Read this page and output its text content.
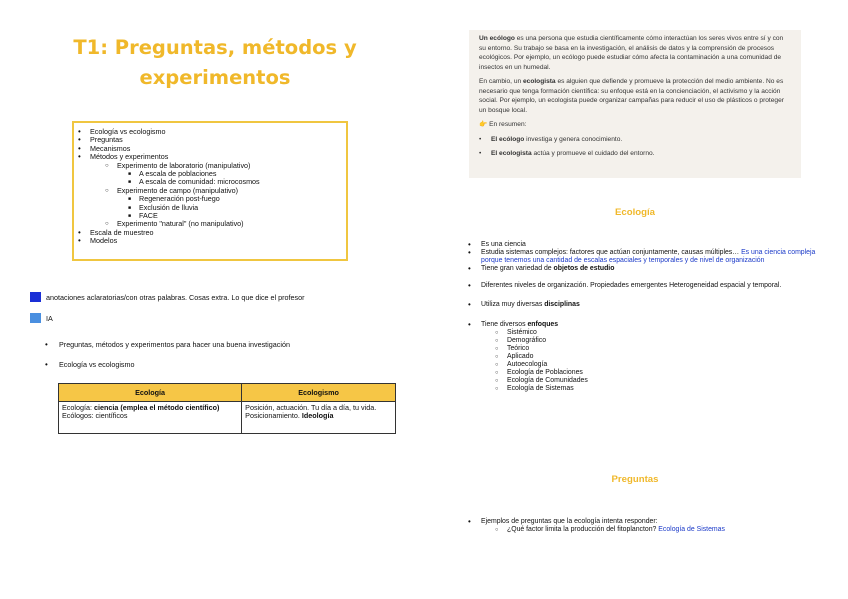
T1: Preguntas, métodos y experimentos
• Ecología vs ecologismo
• Preguntas
• Mecanismos
• Métodos y experimentos
○ Experimento de laboratorio (manipulativo)
■ A escala de poblaciones
■ A escala de comunidad: microcosmos
○ Experimento de campo (manipulativo)
■ Regeneración post-fuego
■ Exclusión de lluvia
■ FACE
○ Experimento "natural" (no manipulativo)
• Escala de muestreo
• Modelos
anotaciones aclaratorias/con otras palabras. Cosas extra. Lo que dice el profesor
IA
• Preguntas, métodos y experimentos para hacer una buena investigación
• Ecología vs ecologismo
Ecología	Ecologismo
Ecología: ciencia (emplea el método científico)
Ecólogos: científicos	Posición, actuación. Tu día a día, tu vida.
Posicionamiento. Ideología

Un ecólogo es una persona que estudia científicamente cómo interactúan los seres vivos entre sí y con su entorno. Su trabajo se basa en la investigación, el análisis de datos y la comprensión de procesos ecológicos. Por ejemplo, un ecólogo puede estudiar cómo afecta la contaminación a una comunidad de insectos en un humedal.

En cambio, un ecologista es alguien que defiende y promueve la protección del medio ambiente. No es necesario que tenga formación científica: su enfoque está en la concienciación, el activismo y la acción social. Por ejemplo, un ecologista puede organizar campañas para reducir el uso de plásticos o proteger un bosque local.

👉 En resumen:

• El ecólogo investiga y genera conocimiento.
• El ecologista actúa y promueve el cuidado del entorno.
Ecología
• Es una ciencia
• Estudia sistemas complejos: factores que actúan conjuntamente, causas múltiples… Es una ciencia compleja porque tenemos una cantidad de escalas espaciales y temporales y de nivel de organización
• Tiene gran variedad de objetos de estudio
• Diferentes niveles de organización. Propiedades emergentes Heterogeneidad espacial y temporal.
• Utiliza muy diversas disciplinas
• Tiene diversos enfoques
○ Sistémico
○ Demográfico
○ Teórico
○ Aplicado
○ Autoecología
○ Ecología de Poblaciones
○ Ecología de Comunidades
○ Ecología de Sistemas
Preguntas
• Ejemplos de preguntas que la ecología intenta responder:
○ ¿Qué factor limita la producción del fitoplancton? Ecología de Sistemas
